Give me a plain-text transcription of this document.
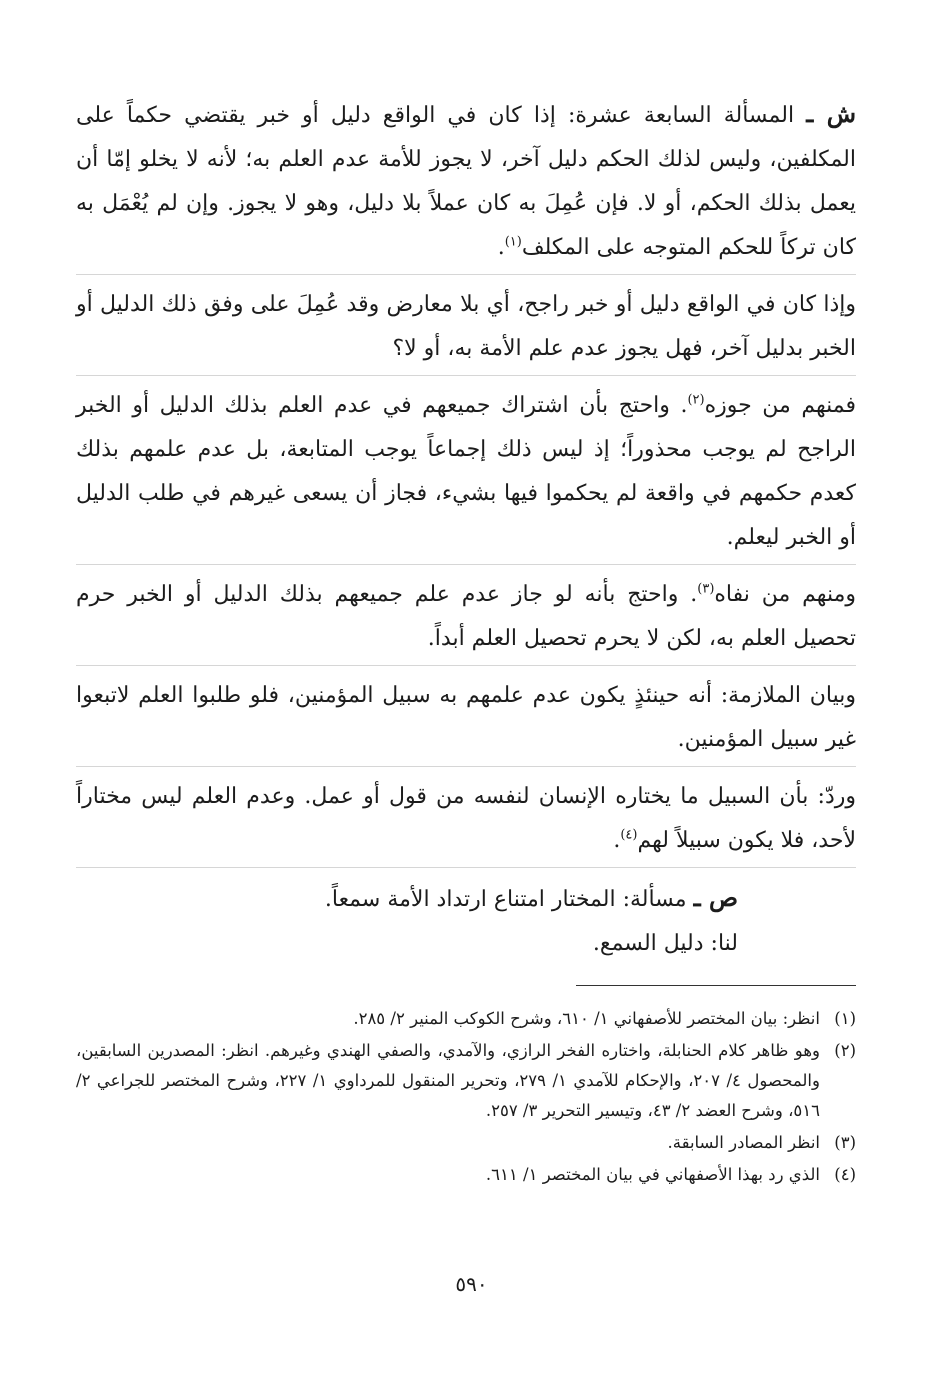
ش ـ المسألة السابعة عشرة: إذا كان في الواقع دليل أو خبر يقتضي حكماً على المكلفين، وليس لذلك الحكم دليل آخر، لا يجوز للأمة عدم العلم به؛ لأنه لا يخلو إمّا أن يعمل بذلك الحكم، أو لا. فإن عُمِلَ به كان عملاً بلا دليل، وهو لا يجوز. وإن لم يُعْمَل به كان تركاً للحكم المتوجه على المكلف$^{(١)}$.

وإذا كان في الواقع دليل أو خبر راجح، أي بلا معارض وقد عُمِلَ على وفق ذلك الدليل أو الخبر بدليل آخر، فهل يجوز عدم علم الأمة به، أو لا؟

فمنهم من جوزه$^{(٢)}$. واحتج بأن اشتراك جميعهم في عدم العلم بذلك الدليل أو الخبر الراجح لم يوجب محذوراً؛ إذ ليس ذلك إجماعاً يوجب المتابعة، بل عدم علمهم بذلك كعدم حكمهم في واقعة لم يحكموا فيها بشيء، فجاز أن يسعى غيرهم في طلب الدليل أو الخبر ليعلم.

ومنهم من نفاه$^{(٣)}$. واحتج بأنه لو جاز عدم علم جميعهم بذلك الدليل أو الخبر حرم تحصيل العلم به، لكن لا يحرم تحصيل العلم أبداً.

وبيان الملازمة: أنه حينئذٍ يكون عدم علمهم به سبيل المؤمنين، فلو طلبوا العلم لاتبعوا غير سبيل المؤمنين.

وردّ: بأن السبيل ما يختاره الإنسان لنفسه من قول أو عمل. وعدم العلم ليس مختاراً لأحد، فلا يكون سبيلاً لهم$^{(٤)}$.

ص ـ مسألة: المختار امتناع ارتداد الأمة سمعاً.

لنا: دليل السمع.

(١)
انظر: بيان المختصر للأصفهاني ١/ ٦١٠، وشرح الكوكب المنير ٢/ ٢٨٥.
(٢)
وهو ظاهر كلام الحنابلة، واختاره الفخر الرازي، والآمدي، والصفي الهندي وغيرهم. انظر: المصدرين السابقين، والمحصول ٤/ ٢٠٧، والإحكام للآمدي ١/ ٢٧٩، وتحرير المنقول للمرداوي ١/ ٢٢٧، وشرح المختصر للجراعي ٢/ ٥١٦، وشرح العضد ٢/ ٤٣، وتيسير التحرير ٣/ ٢٥٧.
(٣)
انظر المصادر السابقة.
(٤)
الذي رد بهذا الأصفهاني في بيان المختصر ١/ ٦١١.
٥٩٠
